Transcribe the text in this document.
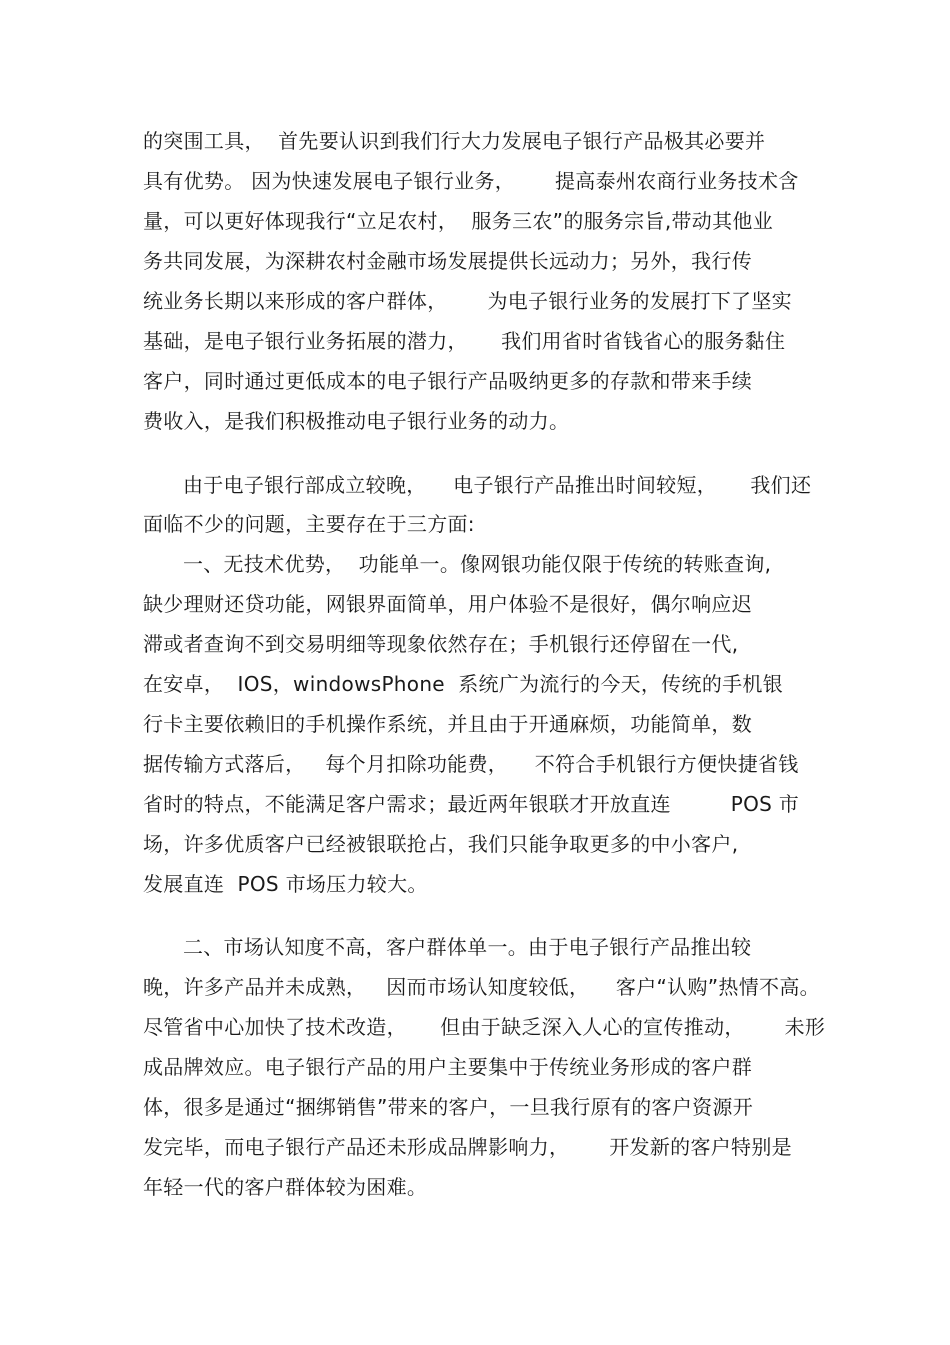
的突围工具，  首先要认识到我们行大力发展电子银行产品极其必要并
具有优势。 因为快速发展电子银行业务，      提高泰州农商行业务技术含
量，可以更好体现我行“立足农村，  服务三农”的服务宗旨,带动其他业
务共同发展，为深耕农村金融市场发展提供长远动力；另外，我行传
统业务长期以来形成的客户群体，      为电子银行业务的发展打下了坚实
基础，是电子银行业务拓展的潜力，     我们用省时省钱省心的服务黏住
客户，同时通过更低成本的电子银行产品吸纳更多的存款和带来手续
费收入，是我们积极推动电子银行业务的动力。
由于电子银行部成立较晚，    电子银行产品推出时间较短，     我们还
面临不少的问题，主要存在于三方面:
一、无技术优势，  功能单一。像网银功能仅限于传统的转账查询,
缺少理财还贷功能，网银界面简单，用户体验不是很好，偶尔响应迟
滞或者查询不到交易明细等现象依然存在；手机银行还停留在一代,
在安卓，  IOS，windowsPhone  系统广为流行的今天，传统的手机银
行卡主要依赖旧的手机操作系统，并且由于开通麻烦，功能简单，数
据传输方式落后，   每个月扣除功能费，    不符合手机银行方便快捷省钱
省时的特点，不能满足客户需求；最近两年银联才开放直连         POS 市
场，许多优质客户已经被银联抢占，我们只能争取更多的中小客户,
发展直连  POS 市场压力较大。
二、市场认知度不高，客户群体单一。由于电子银行产品推出较
晚，许多产品并未成熟，   因而市场认知度较低，    客户“认购”热情不高。
尽管省中心加快了技术改造，     但由于缺乏深入人心的宣传推动，      未形
成品牌效应。电子银行产品的用户主要集中于传统业务形成的客户群
体，很多是通过“捆绑销售”带来的客户，一旦我行原有的客户资源开
发完毕，而电子银行产品还未形成品牌影响力，      开发新的客户特别是
年轻一代的客户群体较为困难。
